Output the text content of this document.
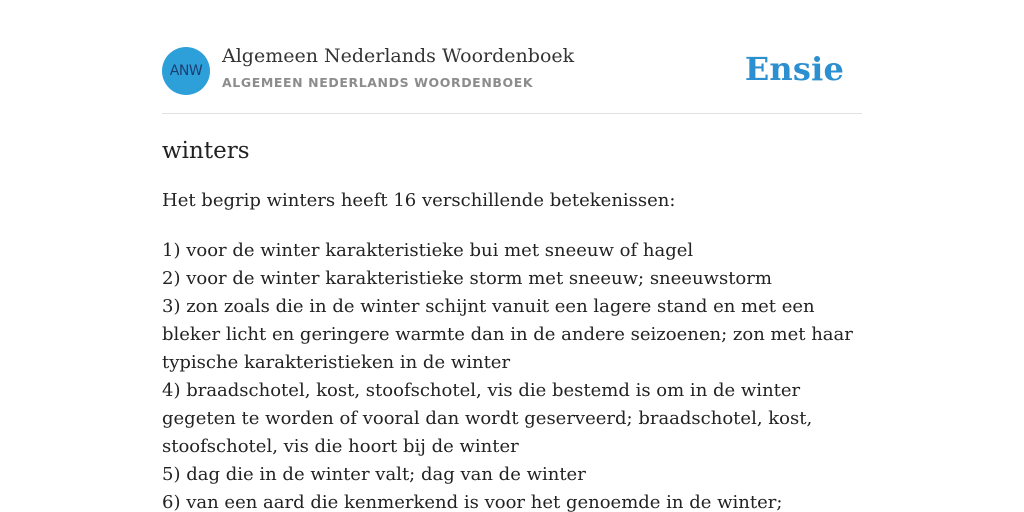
ANW
Algemeen Nederlands Woordenboek
ALGEMEEN NEDERLANDS WOORDENBOEK	Ensie
winters

Het begrip winters heeft 16 verschillende betekenissen:

1) voor de winter karakteristieke bui met sneeuw of hagel
2) voor de winter karakteristieke storm met sneeuw; sneeuwstorm
3) zon zoals die in de winter schijnt vanuit een lagere stand en met een bleker licht en geringere warmte dan in de andere seizoenen; zon met haar typische karakteristieken in de winter
4) braadschotel, kost, stoofschotel, vis die bestemd is om in de winter gegeten te worden of vooral dan wordt geserveerd; braadschotel, kost, stoofschotel, vis die hoort bij de winter
5) dag die in de winter valt; dag van de winter
6) van een aard die kenmerkend is voor het genoemde in de winter;
